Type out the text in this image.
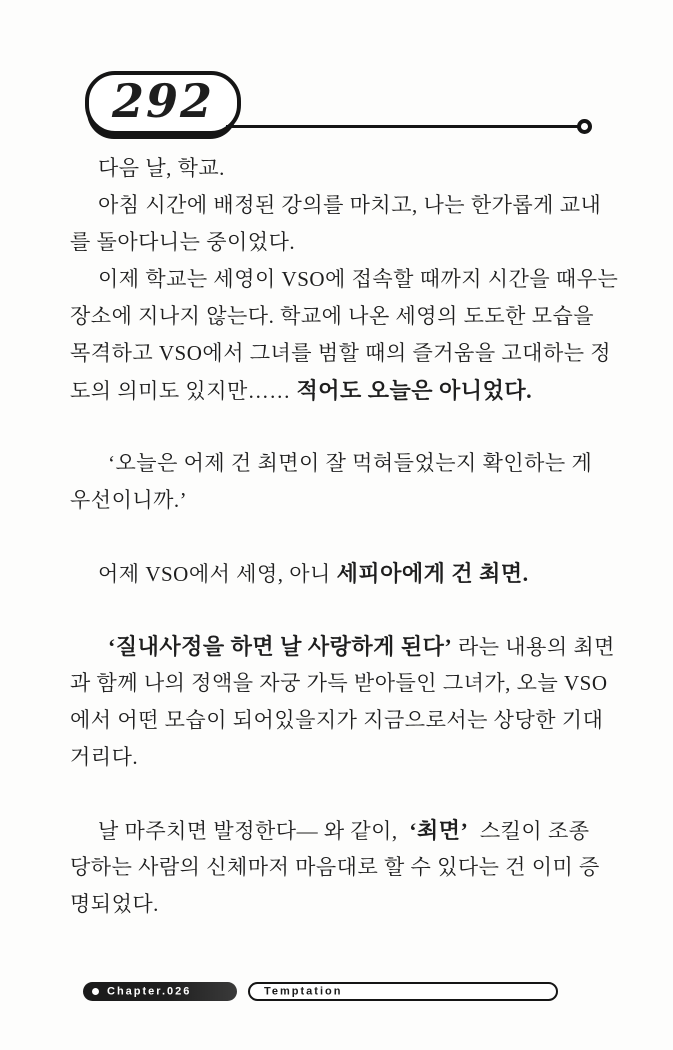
292
다음 날, 학교.
아침 시간에 배정된 강의를 마치고, 나는 한가롭게 교내
를 돌아다니는 중이었다.
이제 학교는 세영이 VSO에 접속할 때까지 시간을 때우는
장소에 지나지 않는다. 학교에 나온 세영의 도도한 모습을
목격하고 VSO에서 그녀를 범할 때의 즐거움을 고대하는 정
도의 의미도 있지만…… 적어도 오늘은 아니었다.
‘오늘은 어제 건 최면이 잘 먹혀들었는지 확인하는 게
우선이니까.’
어제 VSO에서 세영, 아니 세피아에게 건 최면.
‘질내사정을 하면 날 사랑하게 된다’ 라는 내용의 최면
과 함께 나의 정액을 자궁 가득 받아들인 그녀가, 오늘 VSO
에서 어떤 모습이 되어있을지가 지금으로서는 상당한 기대
거리다.
날 마주치면 발정한다— 와 같이,  ‘최면’  스킬이 조종
당하는 사람의 신체마저 마음대로 할 수 있다는 건 이미 증
명되었다.
Chapter.026	Temptation
